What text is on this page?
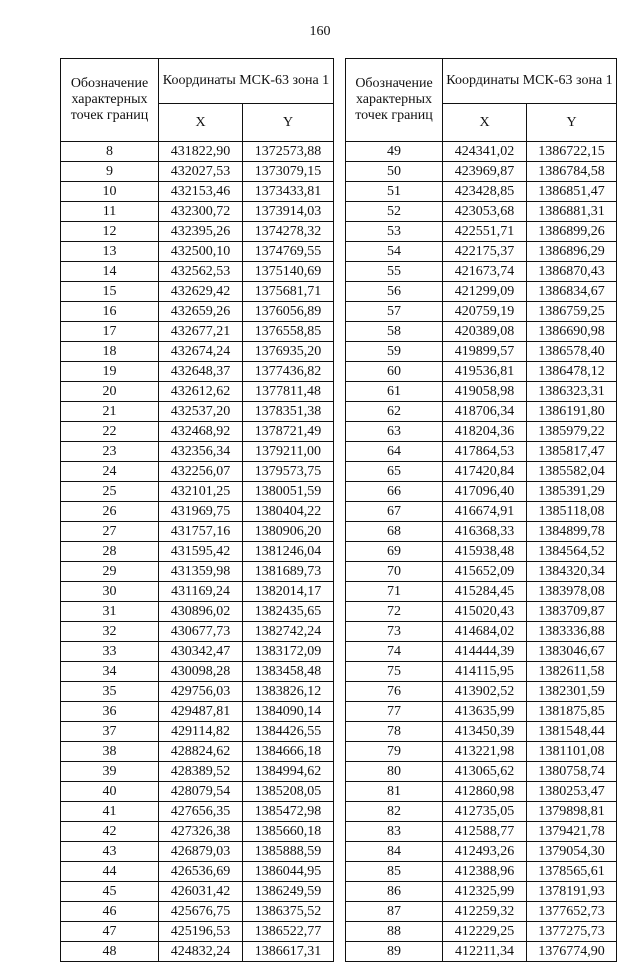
160
Обозначение характерных точек границ	Координаты МСК-63 зона 1	
	X	Y
8	431822,90	1372573,88
9	432027,53	1373079,15
10	432153,46	1373433,81
11	432300,72	1373914,03
12	432395,26	1374278,32
13	432500,10	1374769,55
14	432562,53	1375140,69
15	432629,42	1375681,71
16	432659,26	1376056,89
17	432677,21	1376558,85
18	432674,24	1376935,20
19	432648,37	1377436,82
20	432612,62	1377811,48
21	432537,20	1378351,38
22	432468,92	1378721,49
23	432356,34	1379211,00
24	432256,07	1379573,75
25	432101,25	1380051,59
26	431969,75	1380404,22
27	431757,16	1380906,20
28	431595,42	1381246,04
29	431359,98	1381689,73
30	431169,24	1382014,17
31	430896,02	1382435,65
32	430677,73	1382742,24
33	430342,47	1383172,09
34	430098,28	1383458,48
35	429756,03	1383826,12
36	429487,81	1384090,14
37	429114,82	1384426,55
38	428824,62	1384666,18
39	428389,52	1384994,62
40	428079,54	1385208,05
41	427656,35	1385472,98
42	427326,38	1385660,18
43	426879,03	1385888,59
44	426536,69	1386044,95
45	426031,42	1386249,59
46	425676,75	1386375,52
47	425196,53	1386522,77
48	424832,24	1386617,31
Обозначение характерных точек границ	Координаты МСК-63 зона 1	
	X	Y
49	424341,02	1386722,15
50	423969,87	1386784,58
51	423428,85	1386851,47
52	423053,68	1386881,31
53	422551,71	1386899,26
54	422175,37	1386896,29
55	421673,74	1386870,43
56	421299,09	1386834,67
57	420759,19	1386759,25
58	420389,08	1386690,98
59	419899,57	1386578,40
60	419536,81	1386478,12
61	419058,98	1386323,31
62	418706,34	1386191,80
63	418204,36	1385979,22
64	417864,53	1385817,47
65	417420,84	1385582,04
66	417096,40	1385391,29
67	416674,91	1385118,08
68	416368,33	1384899,78
69	415938,48	1384564,52
70	415652,09	1384320,34
71	415284,45	1383978,08
72	415020,43	1383709,87
73	414684,02	1383336,88
74	414444,39	1383046,67
75	414115,95	1382611,58
76	413902,52	1382301,59
77	413635,99	1381875,85
78	413450,39	1381548,44
79	413221,98	1381101,08
80	413065,62	1380758,74
81	412860,98	1380253,47
82	412735,05	1379898,81
83	412588,77	1379421,78
84	412493,26	1379054,30
85	412388,96	1378565,61
86	412325,99	1378191,93
87	412259,32	1377652,73
88	412229,25	1377275,73
89	412211,34	1376774,90
